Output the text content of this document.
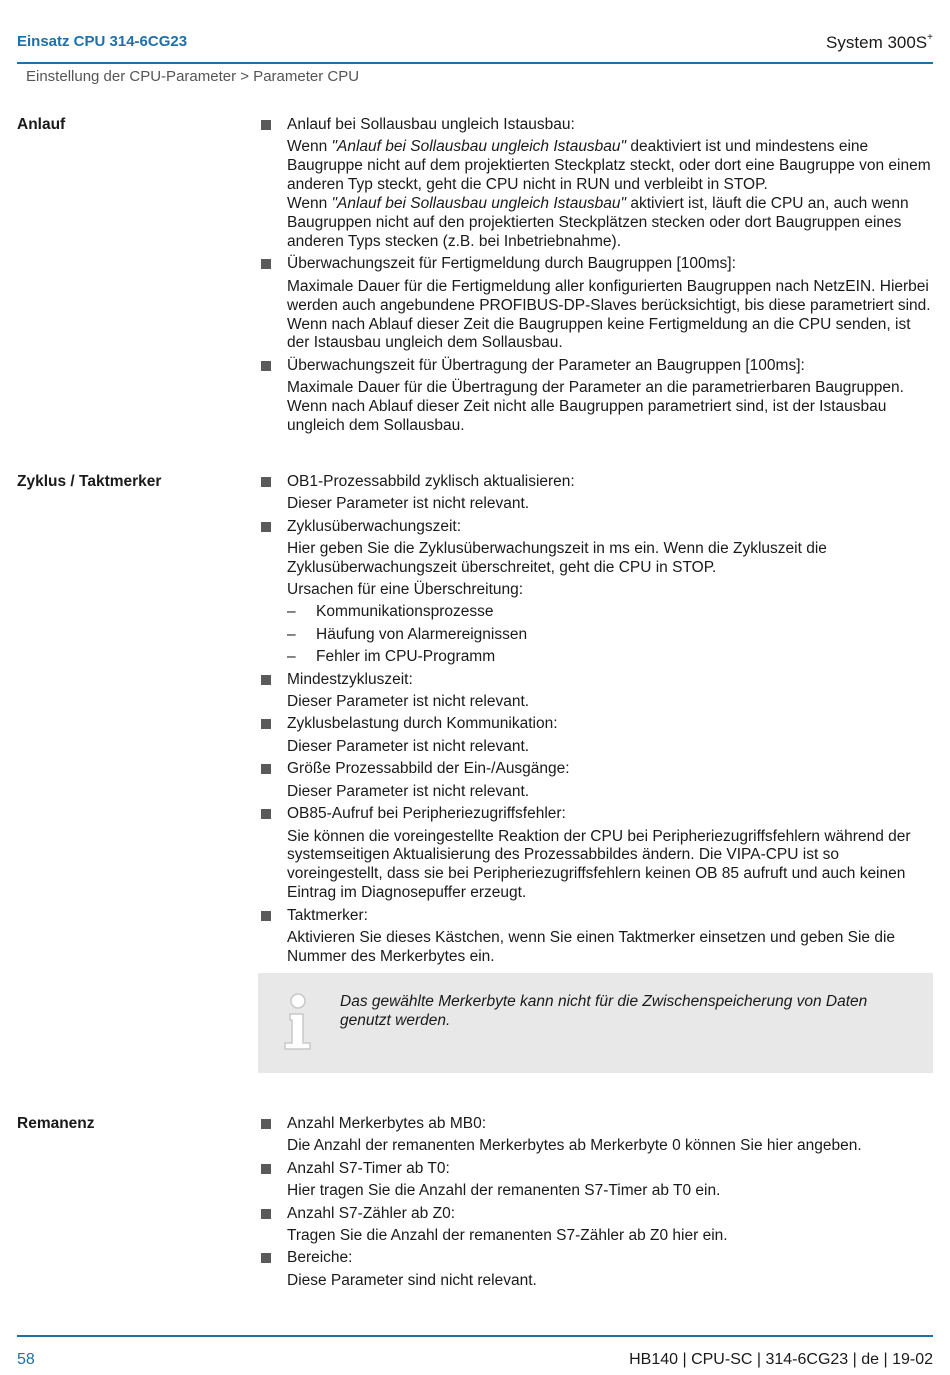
Einsatz CPU 314-6CG23	System 300S+
Einstellung der CPU-Parameter > Parameter CPU
Anlauf	Anlauf bei Sollausbau ungleich Istausbau:

Wenn "Anlauf bei Sollausbau ungleich Istausbau" deaktiviert ist und mindestens eine Baugruppe nicht auf dem projektierten Steckplatz steckt, oder dort eine Baugruppe von einem anderen Typ steckt, geht die CPU nicht in RUN und verbleibt in STOP.

Wenn "Anlauf bei Sollausbau ungleich Istausbau" aktiviert ist, läuft die CPU an, auch wenn Baugruppen nicht auf den projektierten Steckplätzen stecken oder dort Baugruppen eines anderen Typs stecken (z.B. bei Inbetriebnahme).

Überwachungszeit für Fertigmeldung durch Baugruppen [100ms]:
Maximale Dauer für die Fertigmeldung aller konfigurierten Baugruppen nach NetzEIN. Hierbei werden auch angebundene PROFIBUS-DP-Slaves berücksichtigt, bis diese parametriert sind. Wenn nach Ablauf dieser Zeit die Baugruppen keine Fertigmeldung an die CPU senden, ist der Istausbau ungleich dem Sollausbau.
Überwachungszeit für Übertragung der Parameter an Baugruppen [100ms]:
Maximale Dauer für die Übertragung der Parameter an die parametrierbaren Baugruppen. Wenn nach Ablauf dieser Zeit nicht alle Baugruppen parametriert sind, ist der Istausbau ungleich dem Sollausbau.
Zyklus / Taktmerker	OB1-Prozessabbild zyklisch aktualisieren:
Dieser Parameter ist nicht relevant.
Zyklusüberwachungszeit:

Hier geben Sie die Zyklusüberwachungszeit in ms ein. Wenn die Zykluszeit die Zyklusüberwachungszeit überschreitet, geht die CPU in STOP.

Ursachen für eine Überschreitung:

– Kommunikationsprozesse
– Häufung von Alarmereignissen
– Fehler im CPU-Programm
Mindestzykluszeit:
Dieser Parameter ist nicht relevant.
Zyklusbelastung durch Kommunikation:
Dieser Parameter ist nicht relevant.
Größe Prozessabbild der Ein-/Ausgänge:
Dieser Parameter ist nicht relevant.
OB85-Aufruf bei Peripheriezugriffsfehler:
Sie können die voreingestellte Reaktion der CPU bei Peripheriezugriffsfehlern während der systemseitigen Aktualisierung des Prozessabbildes ändern. Die VIPA-CPU ist so voreingestellt, dass sie bei Peripheriezugriffsfehlern keinen OB 85 aufruft und auch keinen Eintrag im Diagnosepuffer erzeugt.
Taktmerker:
Aktivieren Sie dieses Kästchen, wenn Sie einen Taktmerker einsetzen und geben Sie die Nummer des Merkerbytes ein.
Das gewählte Merkerbyte kann nicht für die Zwischenspeicherung von Daten genutzt werden.
Remanenz	Anzahl Merkerbytes ab MB0:
Die Anzahl der remanenten Merkerbytes ab Merkerbyte 0 können Sie hier angeben.
Anzahl S7-Timer ab T0:
Hier tragen Sie die Anzahl der remanenten S7-Timer ab T0 ein.
Anzahl S7-Zähler ab Z0:
Tragen Sie die Anzahl der remanenten S7-Zähler ab Z0 hier ein.
Bereiche:
Diese Parameter sind nicht relevant.
58	HB140 | CPU-SC | 314-6CG23 | de | 19-02
